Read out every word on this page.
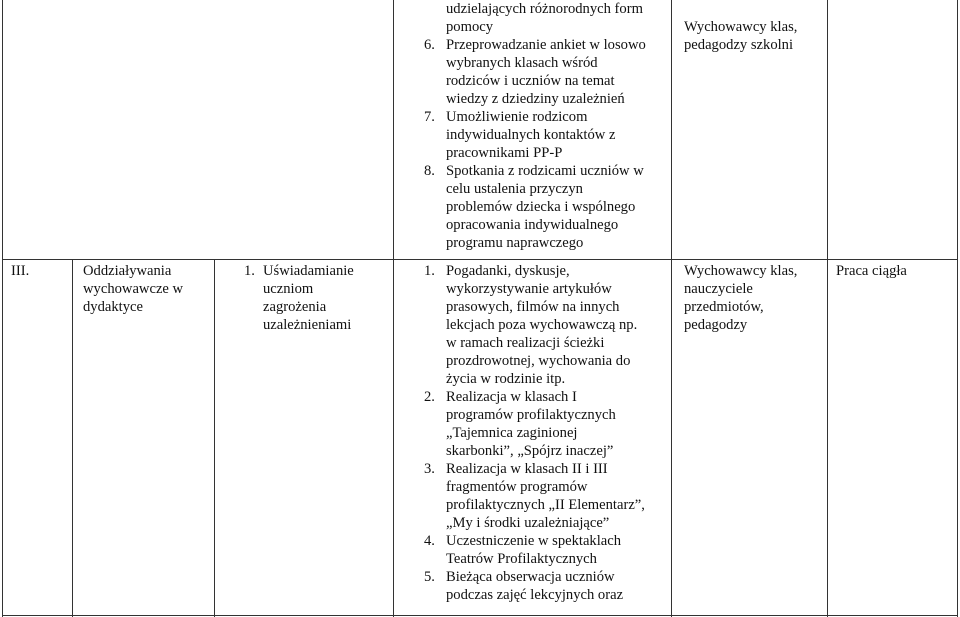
III.	Oddziaływania
wychowawcze w
dydaktyce
1. Uświadamianie
uczniom
zagrożenia
uzależnieniami
udzielających różnorodnych form
pomocy
6. Przeprowadzanie ankiet w losowo
wybranych klasach wśród
rodziców i uczniów na temat
wiedzy z dziedziny uzależnień
7. Umożliwienie rodzicom
indywidualnych kontaktów z
pracownikami PP-P
8. Spotkania z rodzicami uczniów w
celu ustalenia przyczyn
problemów dziecka i wspólnego
opracowania indywidualnego
programu naprawczego
1. Pogadanki, dyskusje,
wykorzystywanie artykułów
prasowych, filmów na innych
lekcjach poza wychowawczą np.
w ramach realizacji ścieżki
prozdrowotnej, wychowania do
życia w rodzinie itp.
2. Realizacja w klasach I
programów profilaktycznych
„Tajemnica zaginionej
skarbonki”, „Spójrz inaczej”
3. Realizacja w klasach II i III
fragmentów programów
profilaktycznych „II Elementarz”,
„My i środki uzależniające”
4. Uczestniczenie w spektaklach
Teatrów Profilaktycznych
5. Bieżąca obserwacja uczniów
podczas zajęć lekcyjnych oraz
Wychowawcy klas,
pedagodzy szkolni
Wychowawcy klas,
nauczyciele
przedmiotów,
pedagodzy
Praca ciągła
